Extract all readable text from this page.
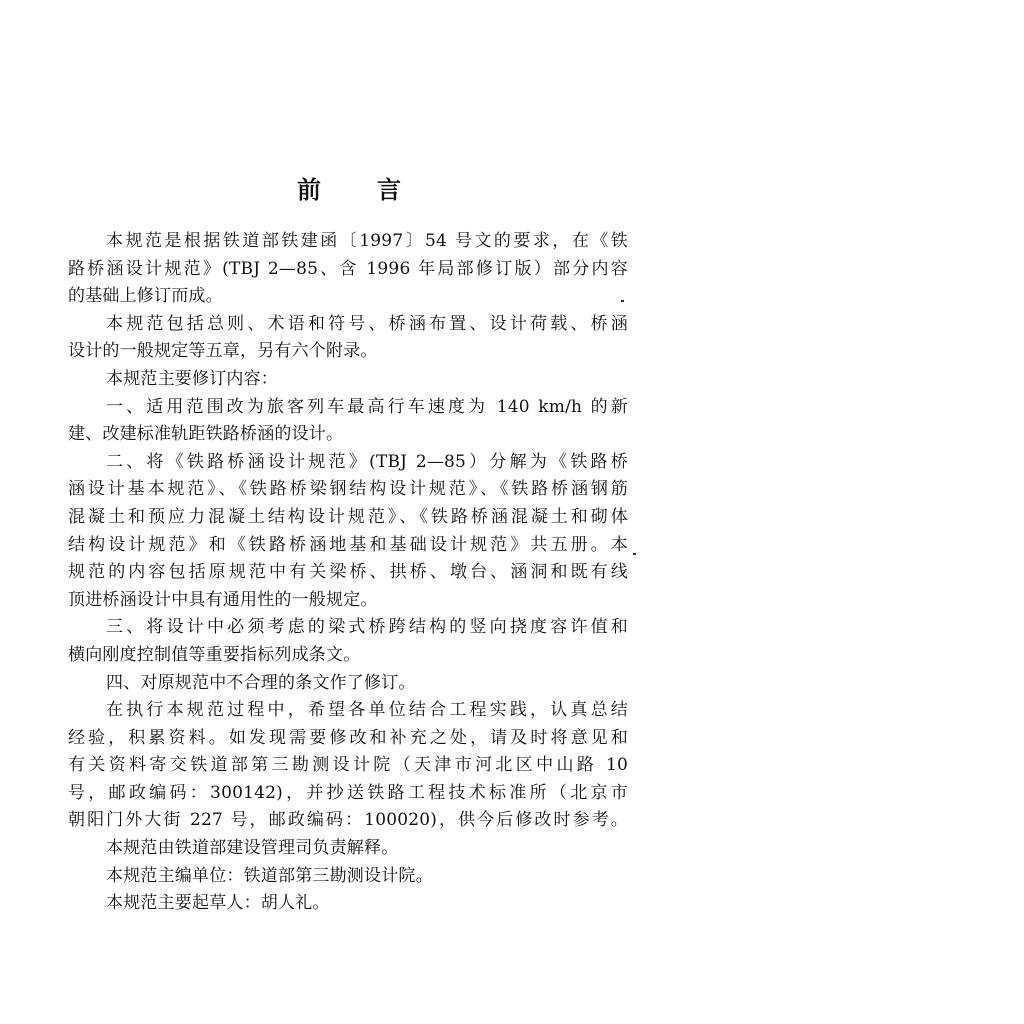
前 言
本规范是根据铁道部铁建函〔1997〕54 号文的要求，在《铁
路桥涵设计规范》(TBJ 2—85、含 1996 年局部修订版）部分内容
的基础上修订而成。
本规范包括总则、术语和符号、桥涵布置、设计荷载、桥涵
设计的一般规定等五章，另有六个附录。
本规范主要修订内容：
一、适用范围改为旅客列车最高行车速度为 140 km/h 的新
建、改建标准轨距铁路桥涵的设计。
二、将《铁路桥涵设计规范》(TBJ 2—85）分解为《铁路桥
涵设计基本规范》、《铁路桥梁钢结构设计规范》、《铁路桥涵钢筋
混凝土和预应力混凝土结构设计规范》、《铁路桥涵混凝土和砌体
结构设计规范》和《铁路桥涵地基和基础设计规范》共五册。本
规范的内容包括原规范中有关梁桥、拱桥、墩台、涵洞和既有线
顶进桥涵设计中具有通用性的一般规定。
三、将设计中必须考虑的梁式桥跨结构的竖向挠度容许值和
横向刚度控制值等重要指标列成条文。
四、对原规范中不合理的条文作了修订。
在执行本规范过程中，希望各单位结合工程实践，认真总结
经验，积累资料。如发现需要修改和补充之处，请及时将意见和
有关资料寄交铁道部第三勘测设计院（天津市河北区中山路 10
号，邮政编码：300142)，并抄送铁路工程技术标准所（北京市
朝阳门外大街 227 号，邮政编码：100020)，供今后修改时参考。
本规范由铁道部建设管理司负责解释。
本规范主编单位：铁道部第三勘测设计院。
本规范主要起草人：胡人礼。
